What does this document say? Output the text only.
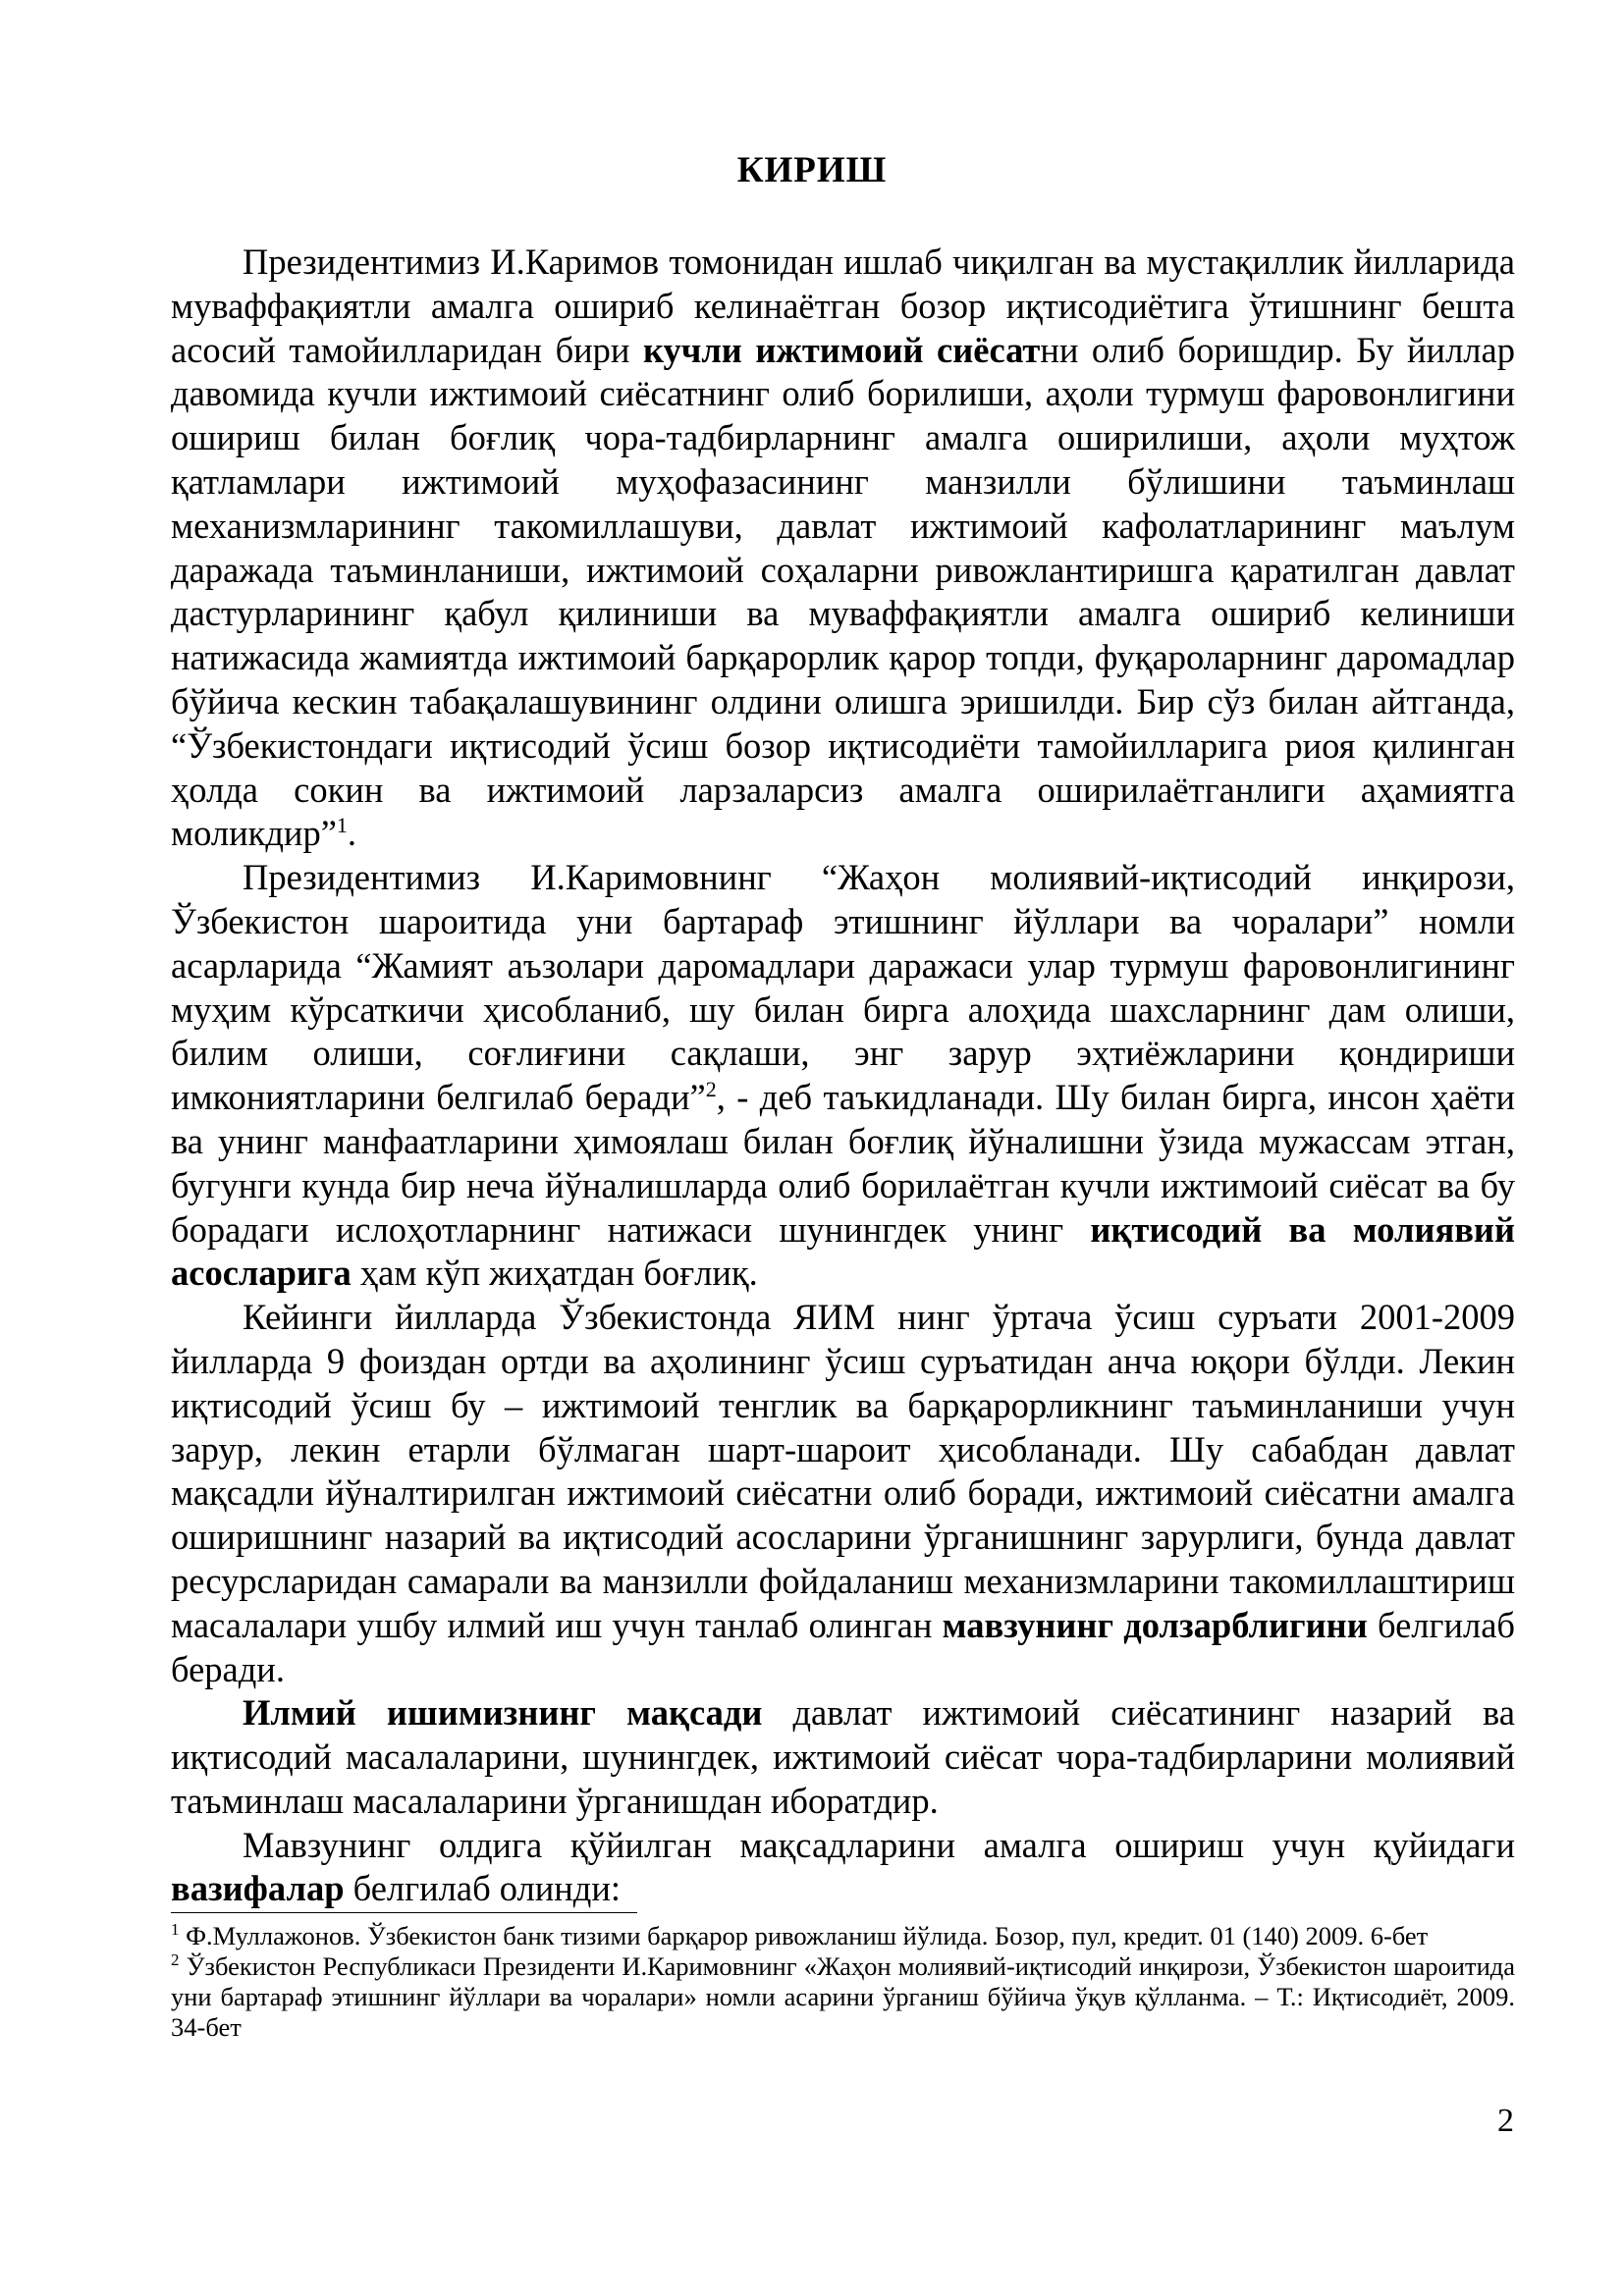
КИРИШ

Президентимиз И.Каримов томонидан ишлаб чиқилган ва мустақиллик йилларида муваффақиятли амалга ошириб келинаётган бозор иқтисодиётига ўтишнинг бешта асосий тамойилларидан бири кучли ижтимоий сиёсатни олиб боришдир. Бу йиллар давомида кучли ижтимоий сиёсатнинг олиб борилиши, аҳоли турмуш фаровонлигини ошириш билан боғлиқ чора-тадбирларнинг амалга оширилиши, аҳоли муҳтож қатламлари ижтимоий муҳофазасининг манзилли бўлишини таъминлаш механизмларининг такомиллашуви, давлат ижтимоий кафолатларининг маълум даражада таъминланиши, ижтимоий соҳаларни ривожлантиришга қаратилган давлат дастурларининг қабул қилиниши ва муваффақиятли амалга ошириб келиниши натижасида жамиятда ижтимоий барқарорлик қарор топди, фуқароларнинг даромадлар бўйича кескин табақалашувининг олдини олишга эришилди. Бир сўз билан айтганда, “Ўзбекистондаги иқтисодий ўсиш бозор иқтисодиёти тамойилларига риоя қилинган ҳолда сокин ва ижтимоий ларзаларсиз амалга оширилаётганлиги аҳамиятга моликдир”$^1$.

Президентимиз И.Каримовнинг “Жаҳон молиявий-иқтисодий инқирози, Ўзбекистон шароитида уни бартараф этишнинг йўллари ва чоралари” номли асарларида “Жамият аъзолари даромадлари даражаси улар турмуш фаровонлигининг муҳим кўрсаткичи ҳисобланиб, шу билан бирга алоҳида шахсларнинг дам олиши, билим олиши, соғлиғини сақлаши, энг зарур эҳтиёжларини қондириши имкониятларини белгилаб беради”$^2$, - деб таъкидланади. Шу билан бирга, инсон ҳаёти ва унинг манфаатларини ҳимоялаш билан боғлиқ йўналишни ўзида мужассам этган, бугунги кунда бир неча йўналишларда олиб борилаётган кучли ижтимоий сиёсат ва бу борадаги ислоҳотларнинг натижаси шунингдек унинг иқтисодий ва молиявий асосларига ҳам кўп жиҳатдан боғлиқ.

Кейинги йилларда Ўзбекистонда ЯИМ нинг ўртача ўсиш суръати 2001-2009 йилларда 9 фоиздан ортди ва аҳолининг ўсиш суръатидан анча юқори бўлди. Лекин иқтисодий ўсиш бу – ижтимоий тенглик ва барқарорликнинг таъминланиши учун зарур, лекин етарли бўлмаган шарт-шароит ҳисобланади. Шу сабабдан давлат мақсадли йўналтирилган ижтимоий сиёсатни олиб боради, ижтимоий сиёсатни амалга оширишнинг назарий ва иқтисодий асосларини ўрганишнинг зарурлиги, бунда давлат ресурсларидан самарали ва манзилли фойдаланиш механизмларини такомиллаштириш масалалари ушбу илмий иш учун танлаб олинган мавзунинг долзарблигини белгилаб беради.

Илмий ишимизнинг мақсади давлат ижтимоий сиёсатининг назарий ва иқтисодий масалаларини, шунингдек, ижтимоий сиёсат чора-тадбирларини молиявий таъминлаш масалаларини ўрганишдан иборатдир.

Мавзунинг олдига қўйилган мақсадларини амалга ошириш учун қуйидаги вазифалар белгилаб олинди:

$^1$ Ф.Муллажонов. Ўзбекистон банк тизими барқарор ривожланиш йўлида. Бозор, пул, кредит. 01 (140) 2009. 6-бет

$^2$ Ўзбекистон Республикаси Президенти И.Каримовнинг «Жаҳон молиявий-иқтисодий инқирози, Ўзбекистон шароитида уни бартараф этишнинг йўллари ва чоралари» номли асарини ўрганиш бўйича ўқув қўлланма. – Т.: Иқтисодиёт, 2009. 34-бет

2
